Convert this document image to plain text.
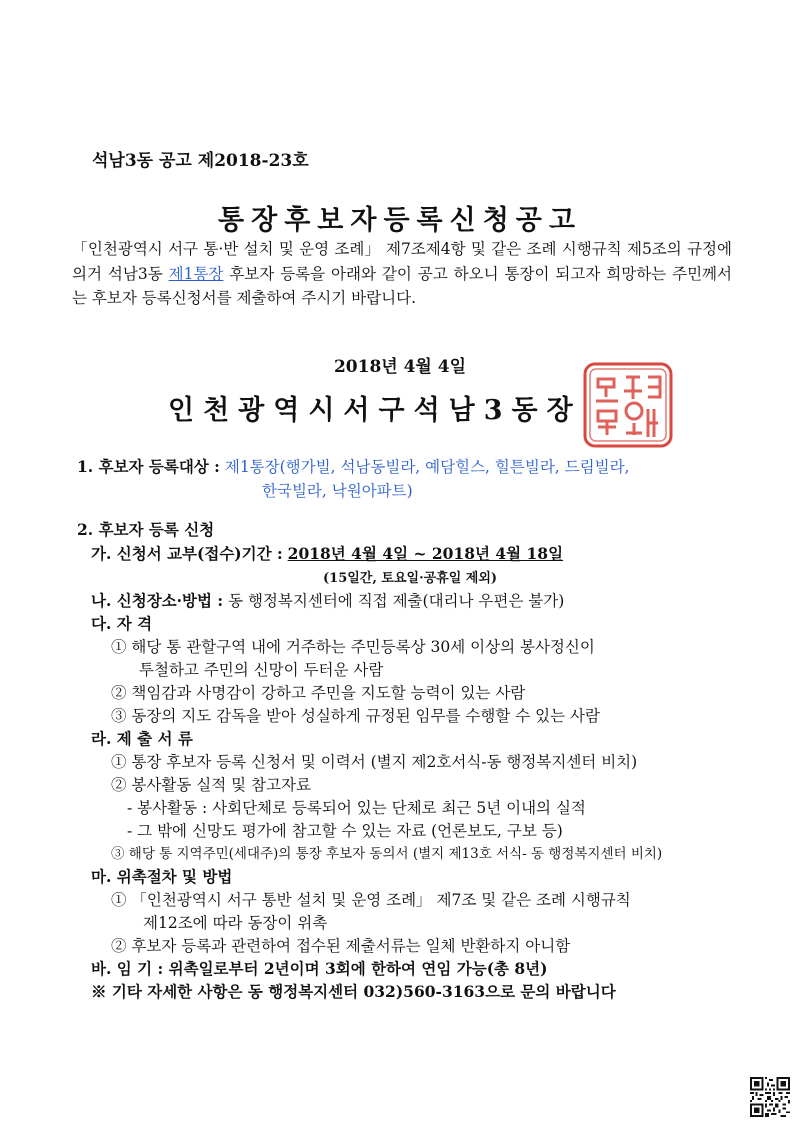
석남3동 공고 제2018-23호
통장후보자등록신청공고
「인천광역시 서구 통·반 설치 및 운영 조례」 제7조제4항 및 같은 조례 시행규칙 제5조의 규정에 의거 석남3동 제1통장 후보자 등록을 아래와 같이 공고 하오니 통장이 되고자 희망하는 주민께서는 후보자 등록신청서를 제출하여 주시기 바랍니다.
2018년 4월 4일
인천광역시서구석남3동장
1. 후보자 등록대상 : 제1통장(행가빌, 석남동빌라, 예담힐스, 힐튼빌라, 드림빌라,
한국빌라, 낙원아파트)
2. 후보자 등록 신청
가. 신청서 교부(접수)기간 : 2018년 4월 4일 ~ 2018년 4월 18일
(15일간, 토요일·공휴일 제외)
나. 신청장소·방법 : 동 행정복지센터에 직접 제출(대리나 우편은 불가)
다. 자 격
① 해당 통 관할구역 내에 거주하는 주민등록상 30세 이상의 봉사정신이
투철하고 주민의 신망이 두터운 사람
② 책임감과 사명감이 강하고 주민을 지도할 능력이 있는 사람
③ 동장의 지도 감독을 받아 성실하게 규정된 임무를 수행할 수 있는 사람
라. 제 출 서 류
① 통장 후보자 등록 신청서 및 이력서 (별지 제2호서식-동 행정복지센터 비치)
② 봉사활동 실적 및 참고자료
- 봉사활동 : 사회단체로 등록되어 있는 단체로 최근 5년 이내의 실적
- 그 밖에 신망도 평가에 참고할 수 있는 자료 (언론보도, 구보 등)
③ 해당 통 지역주민(세대주)의 통장 후보자 동의서 (별지 제13호 서식- 동 행정복지센터 비치)
마. 위촉절차 및 방법
① 「인천광역시 서구 통반 설치 및 운영 조례」 제7조 및 같은 조례 시행규칙
제12조에 따라 동장이 위촉
② 후보자 등록과 관련하여 접수된 제출서류는 일체 반환하지 아니함
바. 임 기 : 위촉일로부터 2년이며 3회에 한하여 연임 가능(총 8년)
※ 기타 자세한 사항은 동 행정복지센터 032)560-3163으로 문의 바랍니다
